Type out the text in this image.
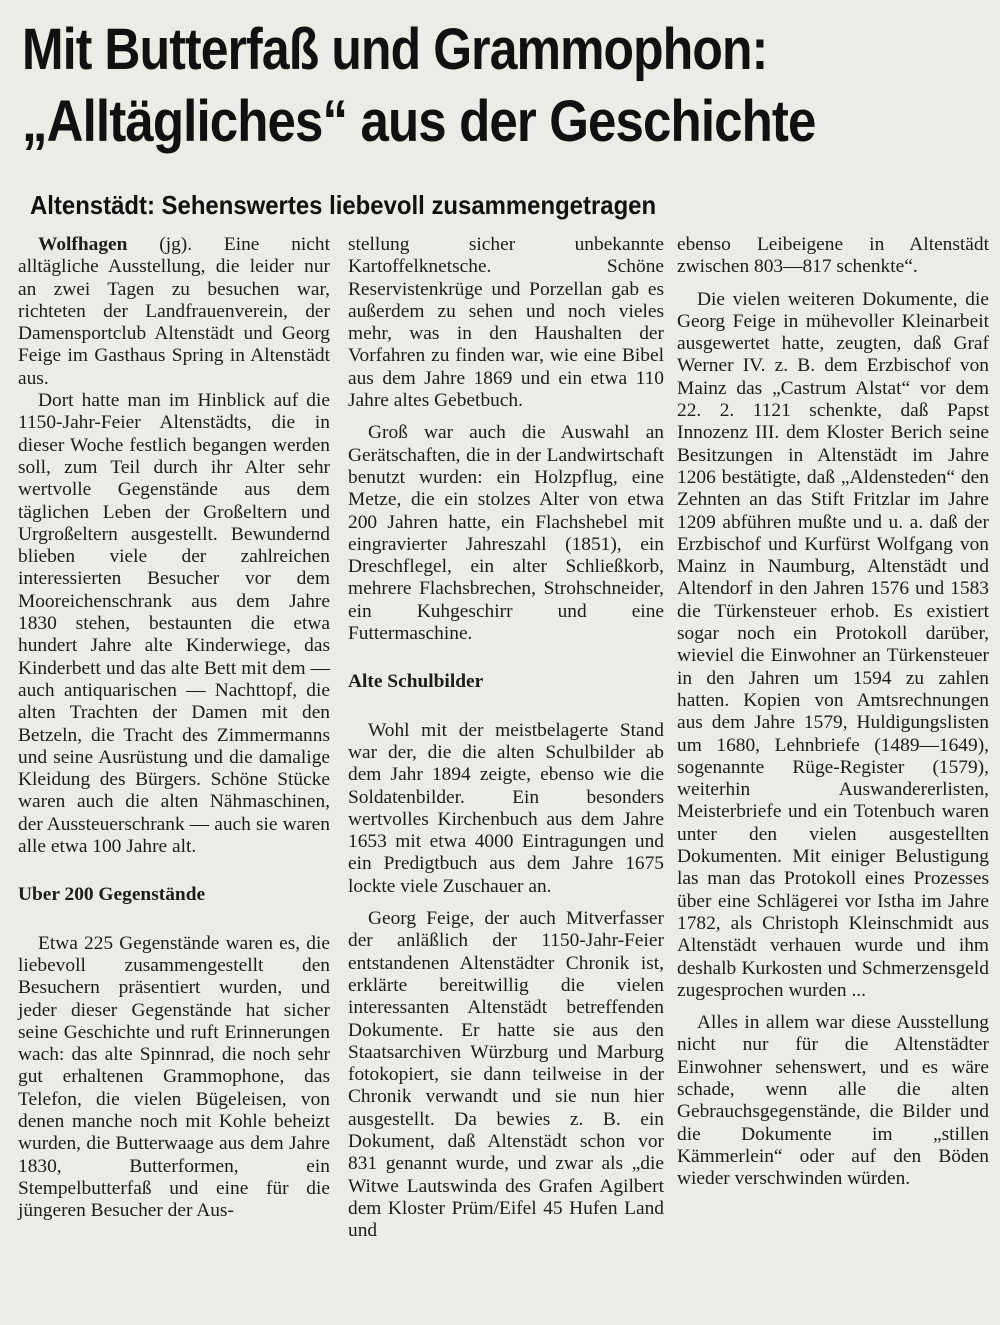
Mit Butterfaß und Grammophon:
„Alltägliches“ aus der Geschichte
Altenstädt: Sehenswertes liebevoll zusammengetragen

Wolfhagen (jg). Eine nicht alltägliche Ausstellung, die leider nur an zwei Tagen zu besuchen war, richteten der Landfrauenverein, der Damensportclub Altenstädt und Georg Feige im Gasthaus Spring in Altenstädt aus.

Dort hatte man im Hinblick auf die 1150-Jahr-Feier Altenstädts, die in dieser Woche festlich begangen werden soll, zum Teil durch ihr Alter sehr wertvolle Gegenstände aus dem täglichen Leben der Großeltern und Urgroßeltern ausgestellt. Bewundernd blieben viele der zahlreichen interessierten Besucher vor dem Mooreichenschrank aus dem Jahre 1830 stehen, bestaunten die etwa hundert Jahre alte Kinderwiege, das Kinderbett und das alte Bett mit dem — auch antiquarischen — Nachttopf, die alten Trachten der Damen mit den Betzeln, die Tracht des Zimmermanns und seine Ausrüstung und die damalige Kleidung des Bürgers. Schöne Stücke waren auch die alten Nähmaschinen, der Aussteuerschrank — auch sie waren alle etwa 100 Jahre alt.

Uber 200 Gegenstände

Etwa 225 Gegenstände waren es, die liebevoll zusammengestellt den Besuchern präsentiert wurden, und jeder dieser Gegenstände hat sicher seine Geschichte und ruft Erinnerungen wach: das alte Spinnrad, die noch sehr gut erhaltenen Grammophone, das Telefon, die vielen Bügeleisen, von denen manche noch mit Kohle beheizt wurden, die Butterwaage aus dem Jahre 1830, Butterformen, ein Stempelbutterfaß und eine für die jüngeren Besucher der Aus-

stellung sicher unbekannte Kartoffelknetsche. Schöne Reservistenkrüge und Porzellan gab es außerdem zu sehen und noch vieles mehr, was in den Haushalten der Vorfahren zu finden war, wie eine Bibel aus dem Jahre 1869 und ein etwa 110 Jahre altes Gebetbuch.

Groß war auch die Auswahl an Gerätschaften, die in der Landwirtschaft benutzt wurden: ein Holzpflug, eine Metze, die ein stolzes Alter von etwa 200 Jahren hatte, ein Flachshebel mit eingravierter Jahreszahl (1851), ein Dreschflegel, ein alter Schließkorb, mehrere Flachsbrechen, Strohschneider, ein Kuhgeschirr und eine Futtermaschine.

Alte Schulbilder

Wohl mit der meistbelagerte Stand war der, die die alten Schulbilder ab dem Jahr 1894 zeigte, ebenso wie die Soldatenbilder. Ein besonders wertvolles Kirchenbuch aus dem Jahre 1653 mit etwa 4000 Eintragungen und ein Predigtbuch aus dem Jahre 1675 lockte viele Zuschauer an.

Georg Feige, der auch Mitverfasser der anläßlich der 1150-Jahr-Feier entstandenen Altenstädter Chronik ist, erklärte bereitwillig die vielen interessanten Altenstädt betreffenden Dokumente. Er hatte sie aus den Staatsarchiven Würzburg und Marburg fotokopiert, sie dann teilweise in der Chronik verwandt und sie nun hier ausgestellt. Da bewies z. B. ein Dokument, daß Altenstädt schon vor 831 genannt wurde, und zwar als „die Witwe Lautswinda des Grafen Agilbert dem Kloster Prüm/Eifel 45 Hufen Land und

ebenso Leibeigene in Altenstädt zwischen 803—817 schenkte“.

Die vielen weiteren Dokumente, die Georg Feige in mühevoller Kleinarbeit ausgewertet hatte, zeugten, daß Graf Werner IV. z. B. dem Erzbischof von Mainz das „Castrum Alstat“ vor dem 22. 2. 1121 schenkte, daß Papst Innozenz III. dem Kloster Berich seine Besitzungen in Altenstädt im Jahre 1206 bestätigte, daß „Aldensteden“ den Zehnten an das Stift Fritzlar im Jahre 1209 abführen mußte und u. a. daß der Erzbischof und Kurfürst Wolfgang von Mainz in Naumburg, Altenstädt und Altendorf in den Jahren 1576 und 1583 die Türkensteuer erhob. Es existiert sogar noch ein Protokoll darüber, wieviel die Einwohner an Türkensteuer in den Jahren um 1594 zu zahlen hatten. Kopien von Amtsrechnungen aus dem Jahre 1579, Huldigungslisten um 1680, Lehnbriefe (1489—1649), sogenannte Rüge-Register (1579), weiterhin Auswandererlisten, Meisterbriefe und ein Totenbuch waren unter den vielen ausgestellten Dokumenten. Mit einiger Belustigung las man das Protokoll eines Prozesses über eine Schlägerei vor Istha im Jahre 1782, als Christoph Kleinschmidt aus Altenstädt verhauen wurde und ihm deshalb Kurkosten und Schmerzensgeld zugesprochen wurden ...

Alles in allem war diese Ausstellung nicht nur für die Altenstädter Einwohner sehenswert, und es wäre schade, wenn alle die alten Gebrauchsgegenstände, die Bilder und die Dokumente im „stillen Kämmerlein“ oder auf den Böden wieder verschwinden würden.
